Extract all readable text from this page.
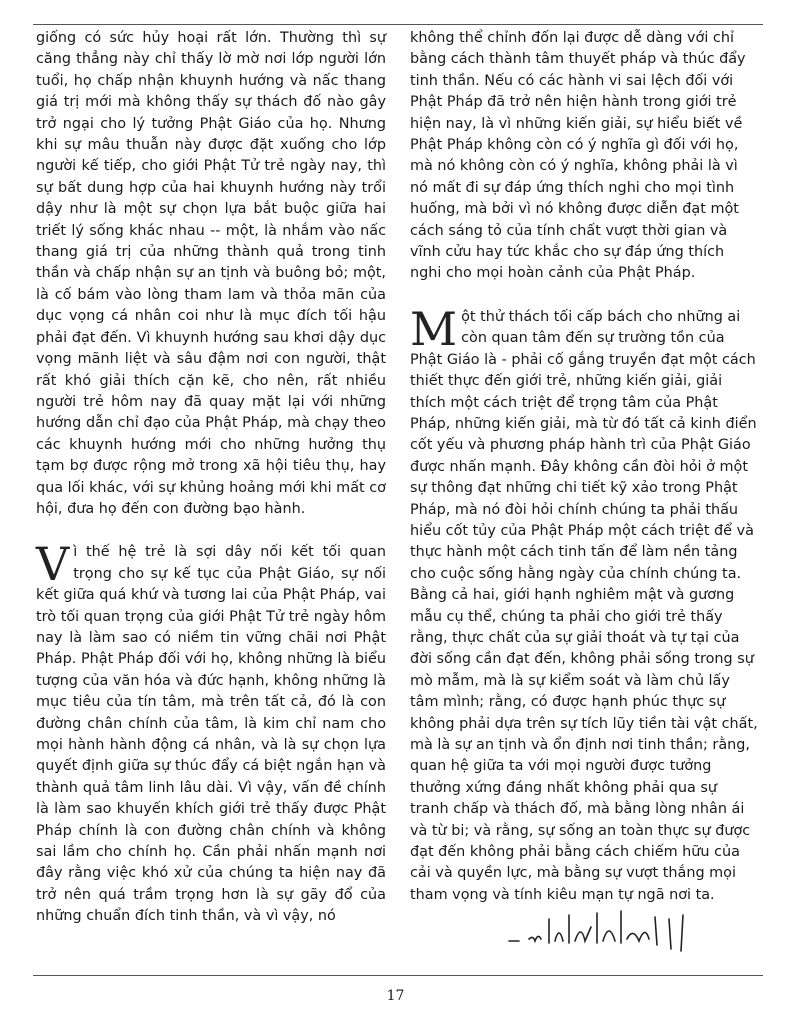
giống có sức hủy hoại rất lớn. Thường thì sự căng thẳng này chỉ thấy lờ mờ nơi lớp người lớn tuổi, họ chấp nhận khuynh hướng và nấc thang giá trị mới mà không thấy sự thách đố nào gây trở ngại cho lý tưởng Phật Giáo của họ. Nhưng khi sự mâu thuẫn này được đặt xuống cho lớp người kế tiếp, cho giới Phật Tử trẻ ngày nay, thì sự bất dung hợp của hai khuynh hướng này trổi dậy như là một sự chọn lựa bắt buộc giữa hai triết lý sống khác nhau -- một, là nhắm vào nấc thang giá trị của những thành quả trong tinh thần và chấp nhận sự an tịnh và buông bỏ; một, là cố bám vào lòng tham lam và thỏa mãn của dục vọng cá nhân coi như là mục đích tối hậu phải đạt đến. Vì khuynh hướng sau khơi dậy dục vọng mãnh liệt và sâu đậm nơi con người, thật rất khó giải thích cặn kẽ, cho nên, rất nhiều người trẻ hôm nay đã quay mặt lại với những hướng dẫn chỉ đạo của Phật Pháp, mà chạy theo các khuynh hướng mới cho những hưởng thụ tạm bợ được rộng mở trong xã hội tiêu thụ, hay qua lối khác, với sự khủng hoảng mới khi mất cơ hội, đưa họ đến con đường bạo hành.

Vì thế hệ trẻ là sợi dây nối kết tối quan trọng cho sự kế tục của Phật Giáo, sự nối kết giữa quá khứ và tương lai của Phật Pháp, vai trò tối quan trọng của giới Phật Tử trẻ ngày hôm nay là làm sao có niềm tin vững chãi nơi Phật Pháp. Phật Pháp đối với họ, không những là biểu tượng của văn hóa và đức hạnh, không những là mục tiêu của tín tâm, mà trên tất cả, đó là con đường chân chính của tâm, là kim chỉ nam cho mọi hành hành động cá nhân, và là sự chọn lựa quyết định giữa sự thúc đẩy cá biệt ngắn hạn và thành quả tâm linh lâu dài. Vì vậy, vấn đề chính là làm sao khuyến khích giới trẻ thấy được Phật Pháp chính là con đường chân chính và không sai lầm cho chính họ. Cần phải nhấn mạnh nơi đây rằng việc khó xử của chúng ta hiện nay đã trở nên quá trầm trọng hơn là sự gãy đổ của những chuẩn đích tinh thần, và vì vậy, nó

không thể chỉnh đốn lại được dễ dàng với chỉ bằng cách thành tâm thuyết pháp và thúc đẩy tinh thần. Nếu có các hành vi sai lệch đối với Phật Pháp đã trở nên hiện hành trong giới trẻ hiện nay, là vì những kiến giải, sự hiểu biết về Phật Pháp không còn có ý nghĩa gì đối với họ, mà nó không còn có ý nghĩa, không phải là vì nó mất đi sự đáp ứng thích nghi cho mọi tình huống, mà bởi vì nó không được diễn đạt một cách sáng tỏ của tính chất vượt thời gian và vĩnh cửu hay tức khắc cho sự đáp ứng thích nghi cho mọi hoàn cảnh của Phật Pháp.

Một thử thách tối cấp bách cho những ai còn quan tâm đến sự trường tồn của Phật Giáo là - phải cố gắng truyền đạt một cách thiết thực đến giới trẻ, những kiến giải, giải thích một cách triệt để trọng tâm của Phật Pháp, những kiến giải, mà từ đó tất cả kinh điển cốt yếu và phương pháp hành trì của Phật Giáo được nhấn mạnh. Đây không cần đòi hỏi ở một sự thông đạt những chi tiết kỹ xảo trong Phật Pháp, mà nó đòi hỏi chính chúng ta phải thấu hiểu cốt tủy của Phật Pháp một cách triệt để và thực hành một cách tinh tấn để làm nền tảng cho cuộc sống hằng ngày của chính chúng ta. Bằng cả hai, giới hạnh nghiêm mật và gương mẫu cụ thể, chúng ta phải cho giới trẻ thấy rằng, thực chất của sự giải thoát và tự tại của đời sống cần đạt đến, không phải sống trong sự mò mẫm, mà là sự kiểm soát và làm chủ lấy tâm mình; rằng, có được hạnh phúc thực sự không phải dựa trên sự tích lũy tiền tài vật chất, mà là sự an tịnh và ổn định nơi tinh thần; rằng, quan hệ giữa ta với mọi người được tưởng thưởng xứng đáng nhất không phải qua sự tranh chấp và thách đố, mà bằng lòng nhân ái và từ bi; và rằng, sự sống an toàn thực sự được đạt đến không phải bằng cách chiếm hữu của cải và quyền lực, mà bằng sự vượt thắng mọi tham vọng và tính kiêu mạn tự ngã nơi ta.

17
